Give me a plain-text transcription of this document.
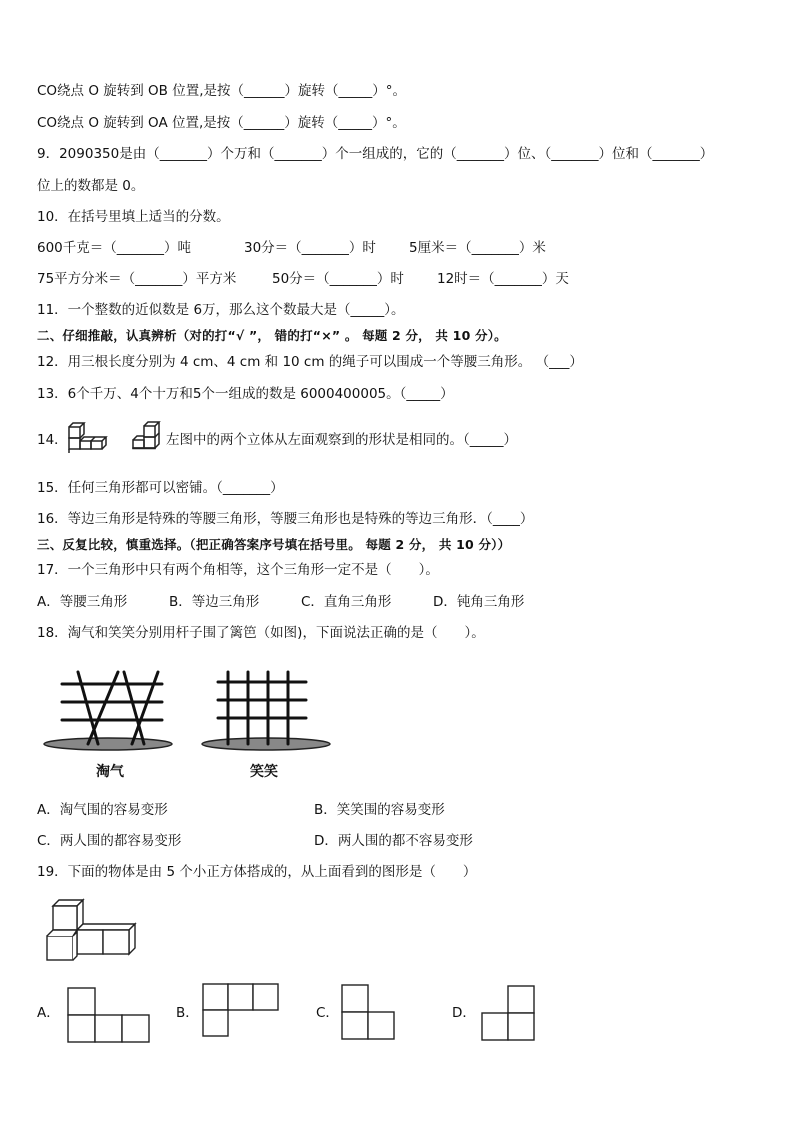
CO绕点 O 旋转到 OB 位置,是按（______）旋转（_____）°。
CO绕点 O 旋转到 OA 位置,是按（______）旋转（_____）°。
9．2090350是由（_______）个万和（_______）个一组成的，它的（_______）位、（_______）位和（_______）
位上的数都是 0。
10．在括号里填上适当的分数。
600千克＝（_______）吨	30分＝（_______）时 5厘米＝（_______）米
75平方分米＝（_______）平方米	50分＝（_______）时 12时＝（_______）天
11．一个整数的近似数是 6万，那么这个数最大是（_____）。
二、仔细推敲，认真辨析（对的打“√ ”， 错的打“×” 。 每题 2 分， 共 10 分）。
12．用三根长度分别为 4 cm、4 cm 和 10 cm 的绳子可以围成一个等腰三角形。 （___）
13．6个千万、4个十万和5个一组成的数是 6000400005。（_____）
14．	左图中的两个立体从左面观察到的形状是相同的。（_____）
15．任何三角形都可以密铺。（_______）
16．等边三角形是特殊的等腰三角形，等腰三角形也是特殊的等边三角形．（____）
三、反复比较，慎重选择。（把正确答案序号填在括号里。 每题 2 分， 共 10 分））
17．一个三角形中只有两个角相等，这个三角形一定不是（　　）。
A．等腰三角形	B．等边三角形	C．直角三角形	D．钝角三角形
18．淘气和笑笑分别用杆子围了篱笆（如图)，下面说法正确的是（　　）。
淘气	笑笑
A．淘气围的容易变形	B．笑笑围的容易变形
C．两人围的都容易变形	D．两人围的都不容易变形
19．下面的物体是由 5 个小正方体搭成的，从上面看到的图形是（　　）
A．	B．	C．	D．
